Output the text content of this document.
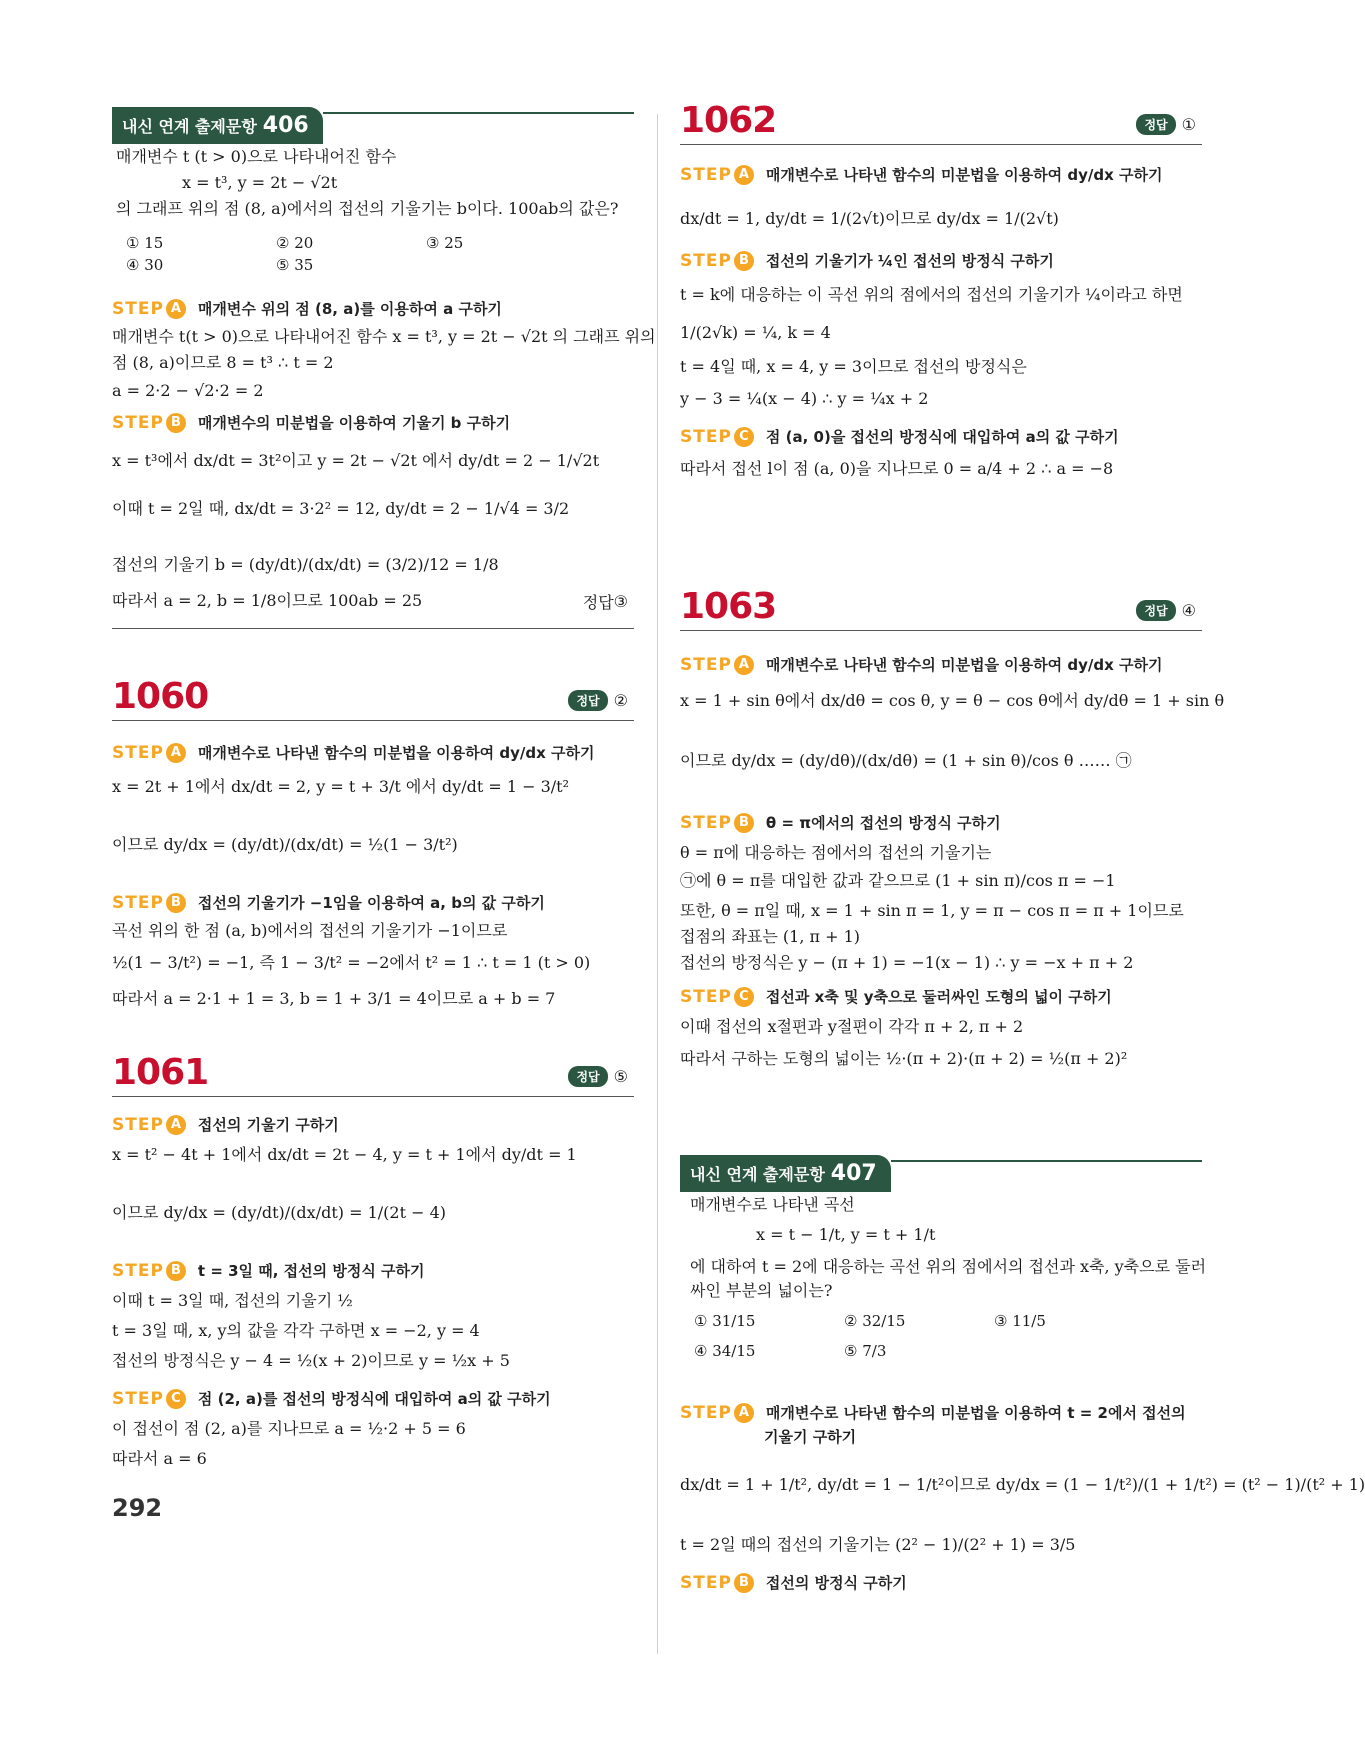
내신 연계 출제문항 406
매개변수 t (t > 0)으로 나타내어진 함수
x = t³, y = 2t − √2t
의 그래프 위의 점 (8, a)에서의 접선의 기울기는 b이다. 100ab의 값은?
① 15	② 20	③ 25
④ 30	⑤ 35
STEP A	매개변수 위의 점 (8, a)를 이용하여 a 구하기
매개변수 t(t > 0)으로 나타내어진 함수 x = t³, y = 2t − √2t 의 그래프 위의
점 (8, a)이므로 8 = t³ ∴ t = 2
a = 2·2 − √2·2 = 2
STEP B	매개변수의 미분법을 이용하여 기울기 b 구하기
x = t³에서 dx/dt = 3t²이고 y = 2t − √2t 에서 dy/dt = 2 − 1/√2t
이때 t = 2일 때, dx/dt = 3·2² = 12, dy/dt = 2 − 1/√4 = 3/2
접선의 기울기 b = (dy/dt)/(dx/dt) = (3/2)/12 = 1/8
따라서 a = 2, b = 1/8이므로 100ab = 25	정답 ③
1060	정답 ②
STEP A	매개변수로 나타낸 함수의 미분법을 이용하여 dy/dx 구하기
x = 2t + 1에서 dx/dt = 2, y = t + 3/t 에서 dy/dt = 1 − 3/t²
이므로 dy/dx = (dy/dt)/(dx/dt) = ½(1 − 3/t²)
STEP B	접선의 기울기가 −1임을 이용하여 a, b의 값 구하기
곡선 위의 한 점 (a, b)에서의 접선의 기울기가 −1이므로
½(1 − 3/t²) = −1, 즉 1 − 3/t² = −2에서 t² = 1 ∴ t = 1 (t > 0)
따라서 a = 2·1 + 1 = 3, b = 1 + 3/1 = 4이므로 a + b = 7
1061	정답 ⑤
STEP A	접선의 기울기 구하기
x = t² − 4t + 1에서 dx/dt = 2t − 4, y = t + 1에서 dy/dt = 1
이므로 dy/dx = (dy/dt)/(dx/dt) = 1/(2t − 4)
STEP B	t = 3일 때, 접선의 방정식 구하기
이때 t = 3일 때, 접선의 기울기 ½
t = 3일 때, x, y의 값을 각각 구하면 x = −2, y = 4
접선의 방정식은 y − 4 = ½(x + 2)이므로 y = ½x + 5
STEP C	점 (2, a)를 접선의 방정식에 대입하여 a의 값 구하기
이 접선이 점 (2, a)를 지나므로 a = ½·2 + 5 = 6
따라서 a = 6
1062	정답 ①
STEP A	매개변수로 나타낸 함수의 미분법을 이용하여 dy/dx 구하기
dx/dt = 1, dy/dt = 1/(2√t)이므로 dy/dx = 1/(2√t)
STEP B	접선의 기울기가 ¼인 접선의 방정식 구하기
t = k에 대응하는 이 곡선 위의 점에서의 접선의 기울기가 ¼이라고 하면
1/(2√k) = ¼, k = 4
t = 4일 때, x = 4, y = 3이므로 접선의 방정식은
y − 3 = ¼(x − 4) ∴ y = ¼x + 2
STEP C	점 (a, 0)을 접선의 방정식에 대입하여 a의 값 구하기
따라서 접선 l이 점 (a, 0)을 지나므로 0 = a/4 + 2 ∴ a = −8
1063	정답 ④
STEP A	매개변수로 나타낸 함수의 미분법을 이용하여 dy/dx 구하기
x = 1 + sin θ에서 dx/dθ = cos θ, y = θ − cos θ에서 dy/dθ = 1 + sin θ
이므로 dy/dx = (dy/dθ)/(dx/dθ) = (1 + sin θ)/cos θ …… ㉠
STEP B	θ = π에서의 접선의 방정식 구하기
θ = π에 대응하는 점에서의 접선의 기울기는
㉠에 θ = π를 대입한 값과 같으므로 (1 + sin π)/cos π = −1
또한, θ = π일 때, x = 1 + sin π = 1, y = π − cos π = π + 1이므로
접점의 좌표는 (1, π + 1)
접선의 방정식은 y − (π + 1) = −1(x − 1) ∴ y = −x + π + 2
STEP C	접선과 x축 및 y축으로 둘러싸인 도형의 넓이 구하기
이때 접선의 x절편과 y절편이 각각 π + 2, π + 2
따라서 구하는 도형의 넓이는 ½·(π + 2)·(π + 2) = ½(π + 2)²
내신 연계 출제문항 407
매개변수로 나타낸 곡선
x = t − 1/t, y = t + 1/t
에 대하여 t = 2에 대응하는 곡선 위의 점에서의 접선과 x축, y축으로 둘러
싸인 부분의 넓이는?
① 31/15	② 32/15	③ 11/5
④ 34/15	⑤ 7/3
STEP A	매개변수로 나타낸 함수의 미분법을 이용하여 t = 2에서 접선의
기울기 구하기
dx/dt = 1 + 1/t², dy/dt = 1 − 1/t²이므로 dy/dx = (1 − 1/t²)/(1 + 1/t²) = (t² − 1)/(t² + 1)
t = 2일 때의 접선의 기울기는 (2² − 1)/(2² + 1) = 3/5
STEP B	접선의 방정식 구하기
292
